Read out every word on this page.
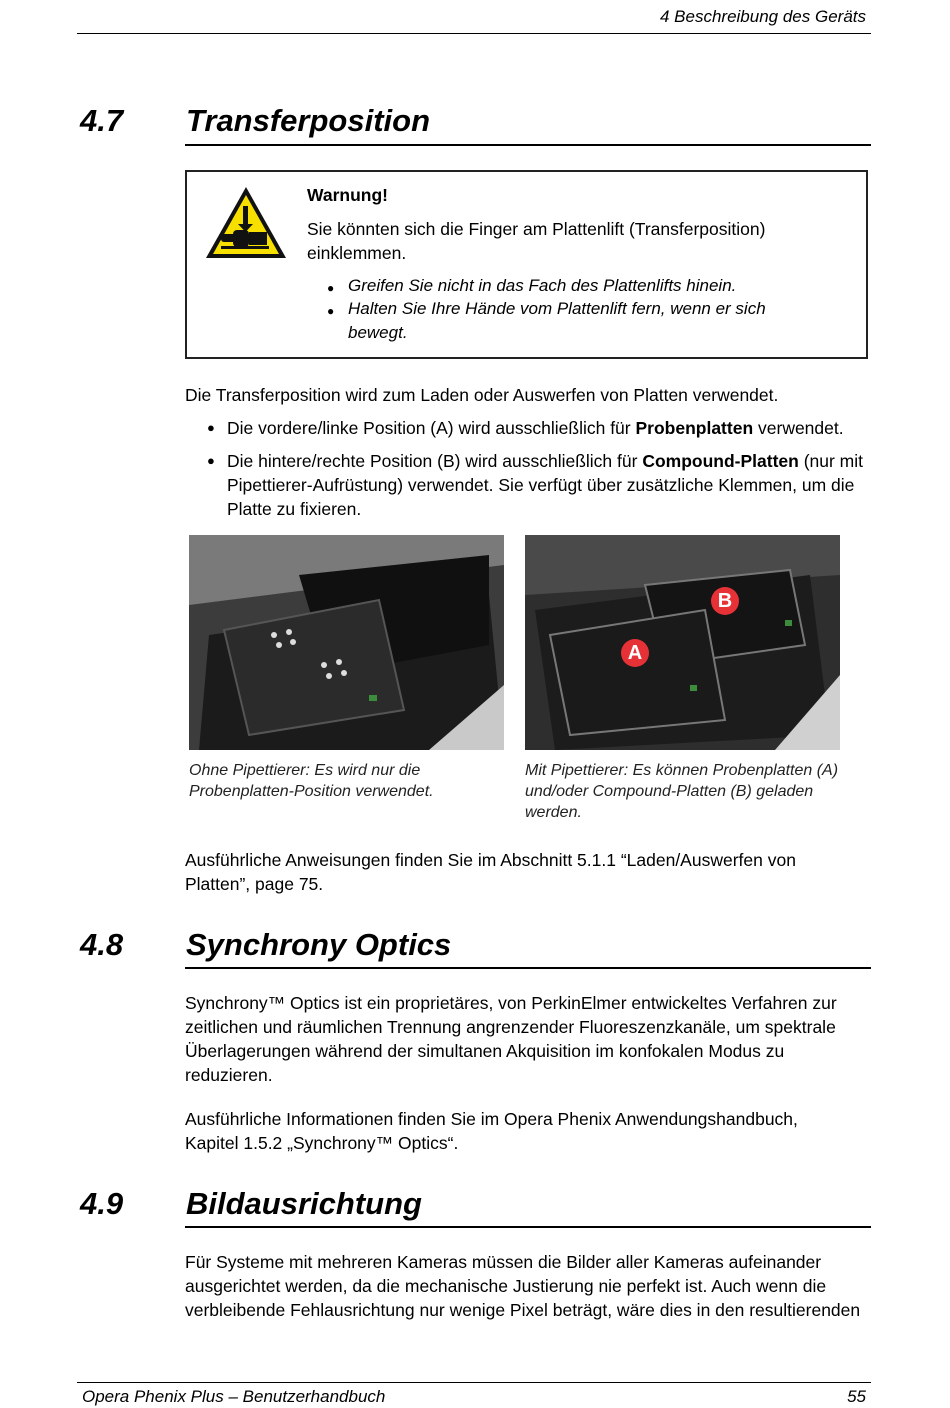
4 Beschreibung des Geräts
4.7 Transferposition
Warnung!
Sie könnten sich die Finger am Plattenlift (Transferposition)
einklemmen.
● Greifen Sie nicht in das Fach des Plattenlifts hinein.
● Halten Sie Ihre Hände vom Plattenlift fern, wenn er sich
bewegt.
Die Transferposition wird zum Laden oder Auswerfen von Platten verwendet.
● Die vordere/linke Position (A) wird ausschließlich für Probenplatten verwendet.
● Die hintere/rechte Position (B) wird ausschließlich für Compound-Platten (nur mit Pipettierer-Aufrüstung) verwendet. Sie verfügt über zusätzliche Klemmen, um die Platte zu fixieren.
A
B
Ohne Pipettierer: Es wird nur die Probenplatten-Position verwendet.
Mit Pipettierer: Es können Probenplatten (A) und/oder Compound-Platten (B) geladen werden.
Ausführliche Anweisungen finden Sie im Abschnitt 5.1.1 “Laden/Auswerfen von Platten”, page 75.
4.8 Synchrony Optics
Synchrony™ Optics ist ein proprietäres, von PerkinElmer entwickeltes Verfahren zur zeitlichen und räumlichen Trennung angrenzender Fluoreszenzkanäle, um spektrale Überlagerungen während der simultanen Akquisition im konfokalen Modus zu reduzieren.
Ausführliche Informationen finden Sie im Opera Phenix Anwendungshandbuch, Kapitel 1.5.2 „Synchrony™ Optics“.
4.9 Bildausrichtung
Für Systeme mit mehreren Kameras müssen die Bilder aller Kameras aufeinander ausgerichtet werden, da die mechanische Justierung nie perfekt ist. Auch wenn die verbleibende Fehlausrichtung nur wenige Pixel beträgt, wäre dies in den resultierenden
Opera Phenix Plus – Benutzerhandbuch	55
